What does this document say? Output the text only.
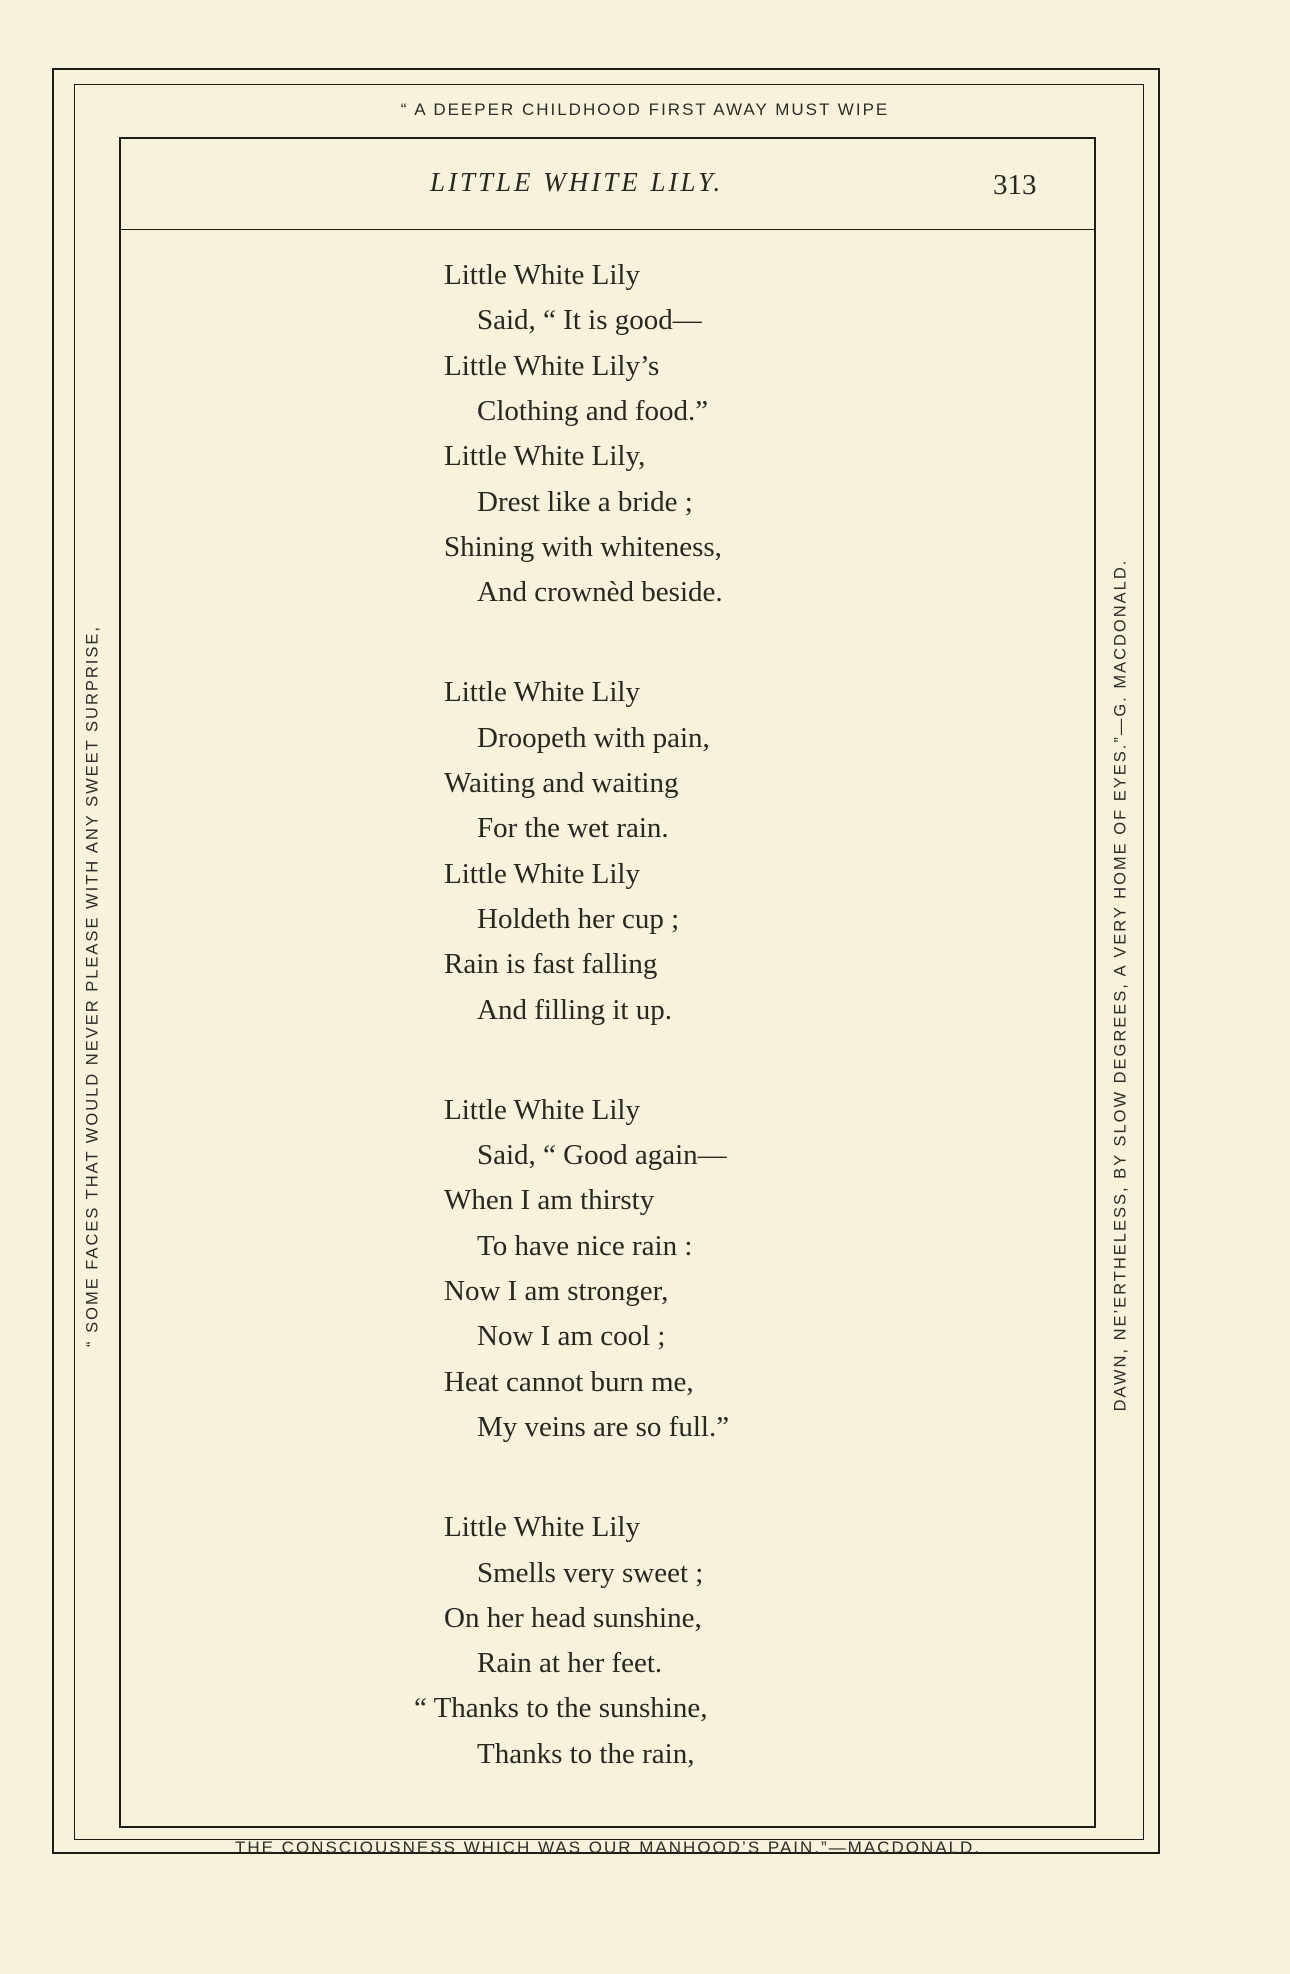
“ A DEEPER CHILDHOOD FIRST AWAY MUST WIPE
THE CONSCIOUSNESS WHICH WAS OUR MANHOOD’S PAIN.”—MACDONALD.
“ SOME FACES THAT WOULD NEVER PLEASE WITH ANY SWEET SURPRISE,	DAWN, NE’ERTHELESS, BY SLOW DEGREES, A VERY HOME OF EYES.”—G. MACDONALD.
LITTLE WHITE LILY.	313
Little White Lily
Said, “ It is good—
Little White Lily’s
Clothing and food.”
Little White Lily,
Drest like a bride ;
Shining with whiteness,
And crownèd beside.
Little White Lily
Droopeth with pain,
Waiting and waiting
For the wet rain.
Little White Lily
Holdeth her cup ;
Rain is fast falling
And filling it up.
Little White Lily
Said, “ Good again—
When I am thirsty
To have nice rain :
Now I am stronger,
Now I am cool ;
Heat cannot burn me,
My veins are so full.”
Little White Lily
Smells very sweet ;
On her head sunshine,
Rain at her feet.
“ Thanks to the sunshine,
Thanks to the rain,
